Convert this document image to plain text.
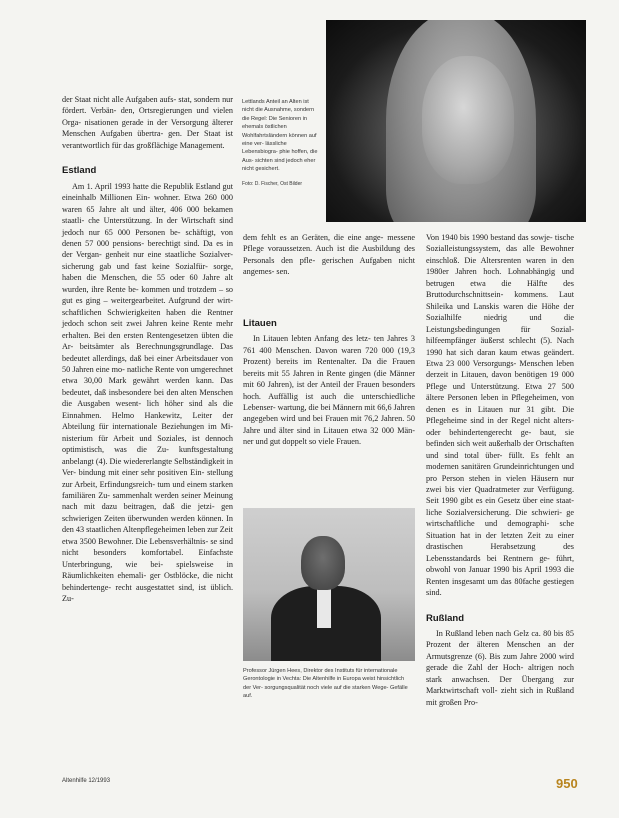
Lettlands Anteil an Alten ist nicht die Ausnahme, sondern die Regel: Die Senioren in ehemals östlichen Wohlfahrtsländern können auf eine ver- lässliche Lebensbiogra- phie hoffen, die Aus- sichten sind jedoch eher nicht gesichert.
Foto: D. Fischer, Ost Bilder

der Staat nicht alle Aufgaben aufs- stat, sondern nur fördert. Verbän- den, Ortsregierungen und vielen Orga- nisationen gerade in der Versorgung älterer Menschen Aufgaben übertra- gen. Der Staat ist verantwortlich für das großflächige Management.

Estland

Am 1. April 1993 hatte die Republik Estland gut eineinhalb Millionen Ein- wohner. Etwa 260 000 waren 65 Jahre alt und älter, 406 000 bekamen staatli- che Unterstützung. In der Wirtschaft sind jedoch nur 65 000 Personen be- schäftigt, von denen 57 000 pensions- berechtigt sind. Da es in der Vergan- genheit nur eine staatliche Sozialver- sicherung gab und fast keine Sozialfür- sorge, haben die Menschen, die 55 oder 60 Jahre alt wurden, ihre Rente be- kommen und trotzdem – so gut es ging – weitergearbeitet. Aufgrund der wirt- schaftlichen Schwierigkeiten haben die Rentner jedoch schon seit zwei Jahren keine Rente mehr erhalten. Bei den ersten Rentengesetzen übten die Ar- beitsämter als Berechnungsgrundlage. Das bedeutet allerdings, daß bei einer Arbeitsdauer von 50 Jahren eine mo- natliche Rente von umgerechnet etwa 30,00 Mark gewährt werden kann. Das bedeutet, daß insbesondere bei den alten Menschen die Ausgaben wesent- lich höher sind als die Einnahmen. Helmo Hankewitz, Leiter der Abteilung für internationale Beziehungen im Mi- nisterium für Arbeit und Soziales, ist dennoch optimistisch, was die Zu- kunftsgestaltung anbelangt (4). Die wiedererlangte Selbständigkeit in Ver- bindung mit einer sehr positiven Ein- stellung zur Arbeit, Erfindungsreich- tum und einem starken familiären Zu- sammenhalt werden seiner Meinung nach mit dazu beitragen, daß die jetzi- gen schwierigen Zeiten überwunden werden können. In den 43 staatlichen Altenpflegeheimen leben zur Zeit etwa 3500 Bewohner. Die Lebensverhältnis- se sind nicht besonders komfortabel. Einfachste Unterbringung, wie bei- spielsweise in Räumlichkeiten ehemali- ger Ostblöcke, die nicht behindertenge- recht ausgestattet sind, ist üblich. Zu-

dem fehlt es an Geräten, die eine ange- messene Pflege voraussetzen. Auch ist die Ausbildung des Personals den pfle- gerischen Aufgaben nicht angemes- sen.

Litauen

In Litauen lebten Anfang des letz- ten Jahres 3 761 400 Menschen. Davon waren 720 000 (19,3 Prozent) bereits im Rentenalter. Da die Frauen bereits mit 55 Jahren in Rente gingen (die Männer mit 60 Jahren), ist der Anteil der Frauen besonders hoch. Auffällig ist auch die unterschiedliche Lebenser- wartung, die bei Männern mit 66,6 Jahren angegeben wird und bei Frauen mit 76,2 Jahren. 50 Jahre und älter sind in Litauen etwa 32 000 Män- ner und gut doppelt so viele Frauen.

Professor Jürgen Hees, Direktor des Instituts für internationale Gerontologie in Vechta: Die Altenhilfe in Europa weist hinsichtlich der Ver- sorgungsqualität noch viele auf die starken Wege- Gefälle auf.

Von 1940 bis 1990 bestand das sowje- tische Sozialleistungssystem, das alle Bewohner einschloß. Die Altersrenten waren in den 1980er Jahren hoch. Lohnabhängig und betrugen etwa die Hälfte des Bruttodurchschnittsein- kommens. Laut Shileika und Lanskis waren die Höhe der Sozialhilfe niedrig und die Leistungsbedingungen für Sozial- hilfeempfänger äußerst schlecht (5). Nach 1990 hat sich daran kaum etwas geändert. Etwa 23 000 Versorgungs- Menschen leben derzeit in Litauen, davon benötigen 19 000 Pflege und Unterstützung. Etwa 27 500 ältere Personen leben in Pflegeheimen, von denen es in Litauen nur 31 gibt. Die Pflegeheime sind in der Regel nicht alters- oder behindertengerecht ge- baut, sie befinden sich weit außerhalb der Ortschaften und sind total über- füllt. Es fehlt an modernen sanitären Grundeinrichtungen und pro Person stehen in vielen Häusern nur zwei bis vier Quadratmeter zur Verfügung. Seit 1990 gibt es ein Gesetz über eine staat- liche Sozialversicherung. Die schwieri- ge wirtschaftliche und demographi- sche Situation hat in der letzten Zeit zu einer drastischen Herabsetzung des Lebensstandards bei Rentnern ge- führt, obwohl von Januar 1990 bis April 1993 die Renten insgesamt um das 80fache gestiegen sind.

Rußland

In Rußland leben nach Gelz ca. 80 bis 85 Prozent der älteren Menschen an der Armutsgrenze (6). Bis zum Jahre 2000 wird gerade die Zahl der Hoch- altrigen noch stark anwachsen. Der Übergang zur Marktwirtschaft voll- zieht sich in Rußland mit großen Pro-

Altenhilfe 12/1993	950
